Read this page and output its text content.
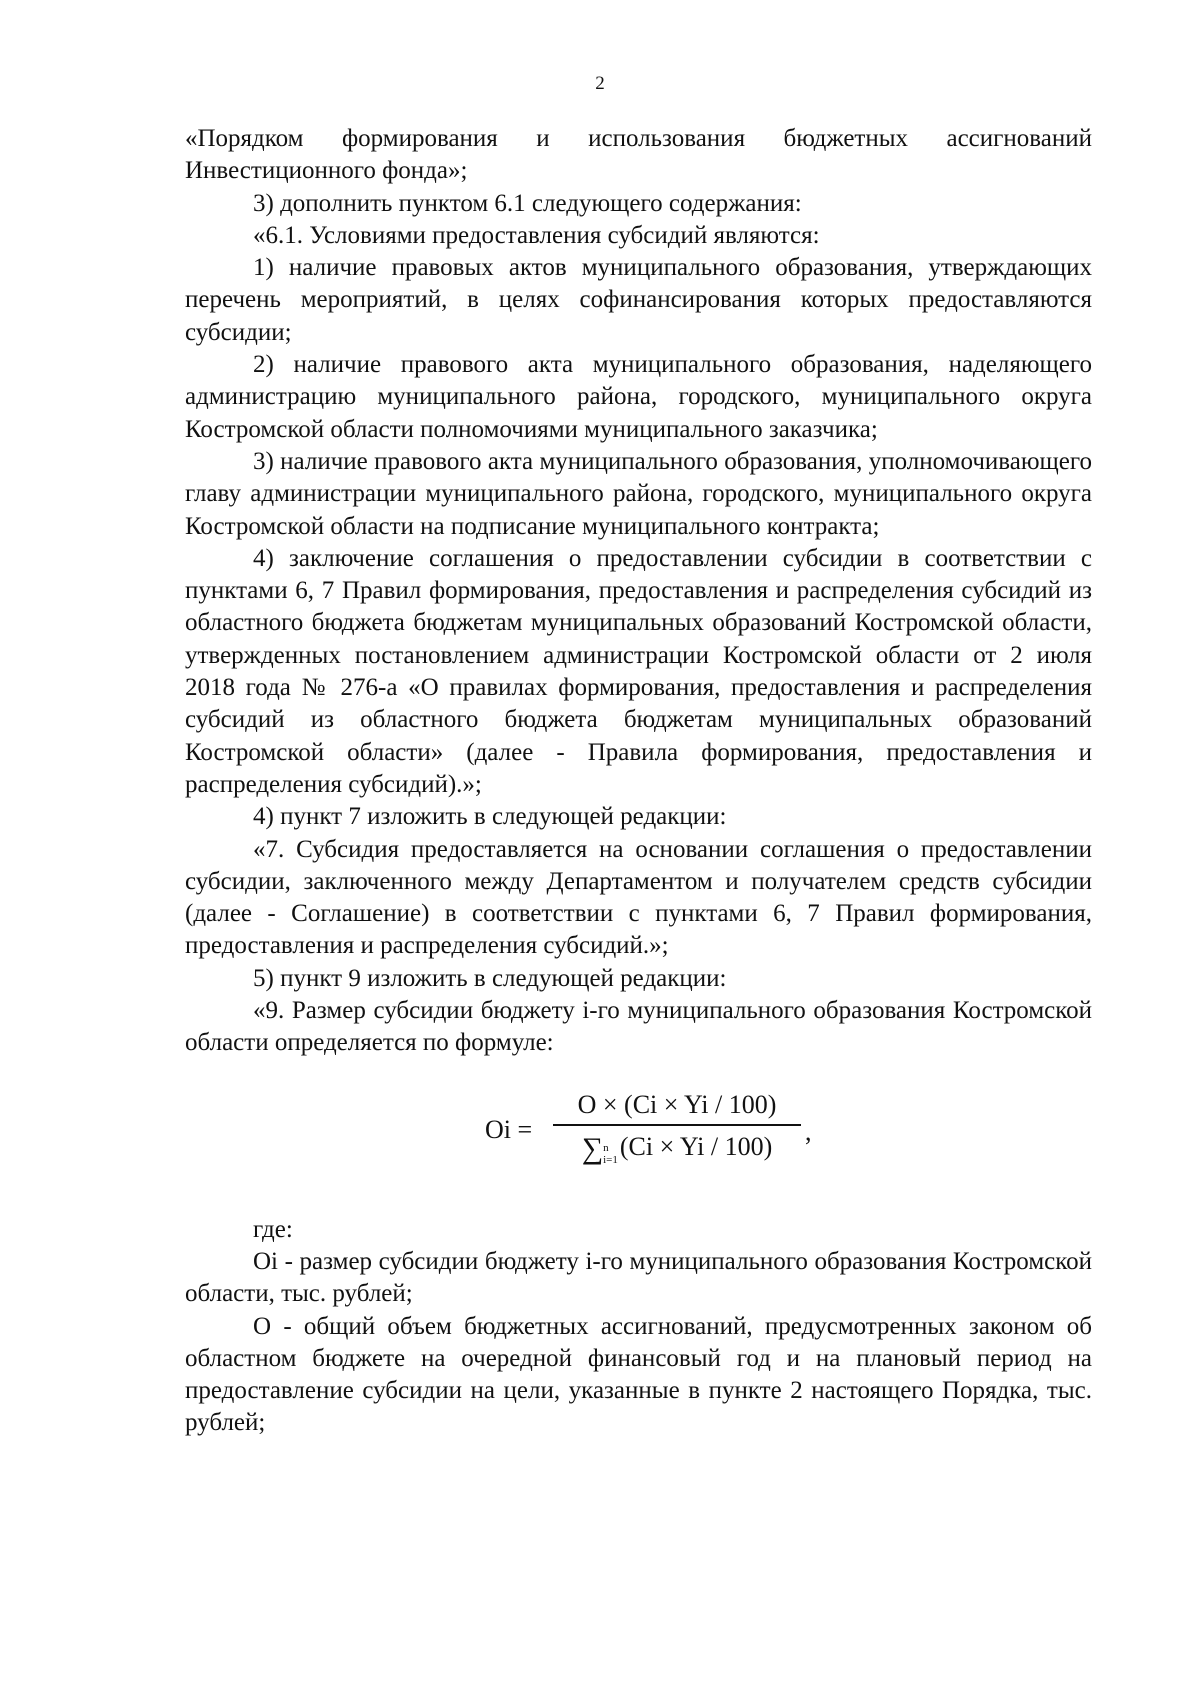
2

«Порядком формирования и использования бюджетных ассигнований Инвестиционного фонда»;

3) дополнить пунктом 6.1 следующего содержания:

«6.1. Условиями предоставления субсидий являются:

1) наличие правовых актов муниципального образования, утверждающих перечень мероприятий, в целях софинансирования которых предоставляются субсидии;

2) наличие правового акта муниципального образования, наделяющего администрацию муниципального района, городского, муниципального округа Костромской области полномочиями муниципального заказчика;

3) наличие правового акта муниципального образования, уполномочивающего главу администрации муниципального района, городского, муниципального округа Костромской области на подписание муниципального контракта;

4) заключение соглашения о предоставлении субсидии в соответствии с пунктами 6, 7 Правил формирования, предоставления и распределения субсидий из областного бюджета бюджетам муниципальных образований Костромской области, утвержденных постановлением администрации Костромской области от 2 июля 2018 года № 276-а «О правилах формирования, предоставления и распределения субсидий из областного бюджета бюджетам муниципальных образований Костромской области» (далее - Правила формирования, предоставления и распределения субсидий).»;

4) пункт 7 изложить в следующей редакции:

«7. Субсидия предоставляется на основании соглашения о предоставлении субсидии, заключенного между Департаментом и получателем средств субсидии (далее - Соглашение) в соответствии с пунктами 6, 7 Правил формирования, предоставления и распределения субсидий.»;

5) пункт 9 изложить в следующей редакции:

«9. Размер субсидии бюджету i-го муниципального образования Костромской области определяется по формуле:

Oi =
O × (Ci × Yi / 100)
∑n
i=1(Ci × Yi / 100)
,

где:

Oi - размер субсидии бюджету i-го муниципального образования Костромской области, тыс. рублей;

O - общий объем бюджетных ассигнований, предусмотренных законом об областном бюджете на очередной финансовый год и на плановый период на предоставление субсидии на цели, указанные в пункте 2 настоящего Порядка, тыс. рублей;
